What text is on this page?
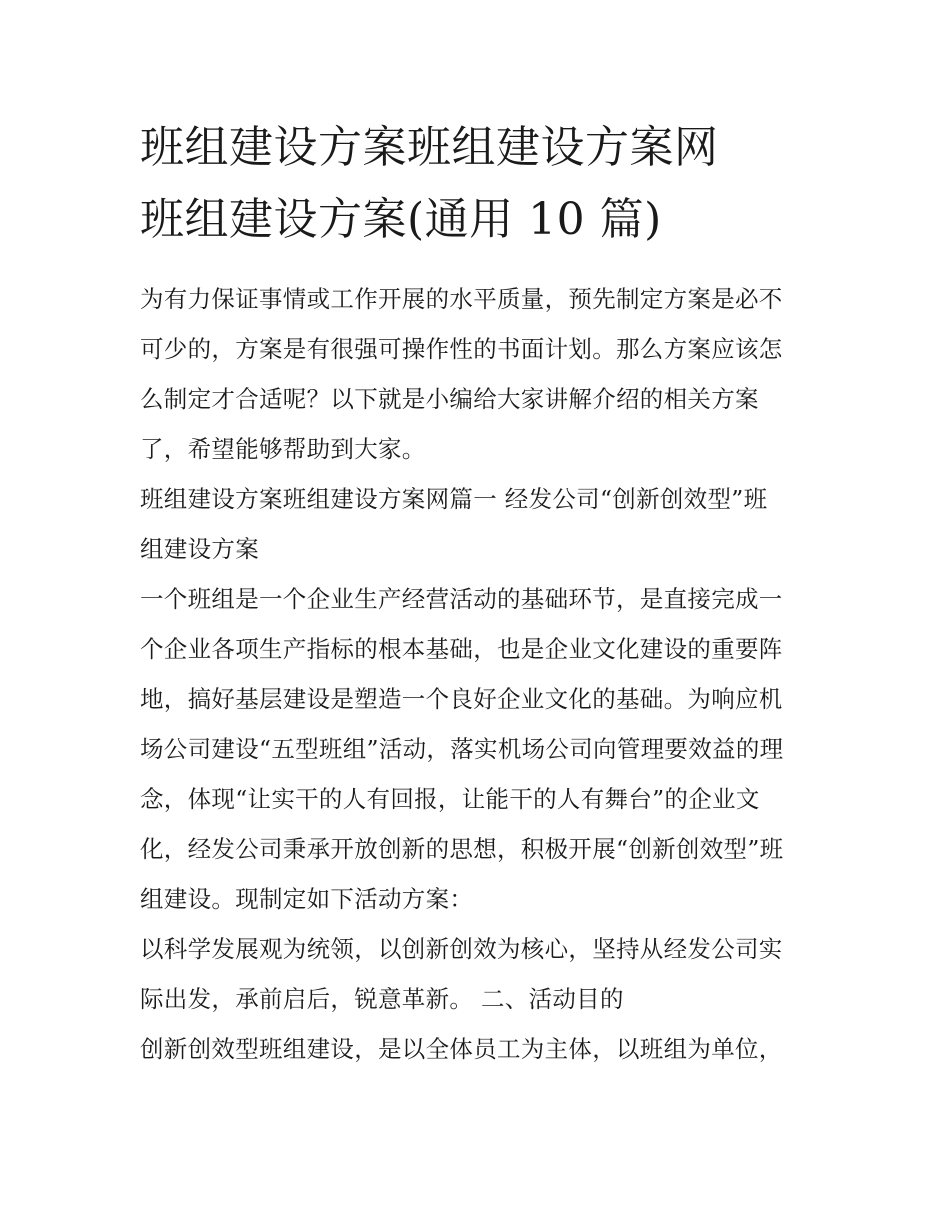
班组建设方案班组建设方案网
班组建设方案(通用 10 篇)
为有力保证事情或工作开展的水平质量，预先制定方案是必不
可少的，方案是有很强可操作性的书面计划。那么方案应该怎
么制定才合适呢？以下就是小编给大家讲解介绍的相关方案
了，希望能够帮助到大家。
班组建设方案班组建设方案网篇一 经发公司“创新创效型”班
组建设方案
一个班组是一个企业生产经营活动的基础环节，是直接完成一
个企业各项生产指标的根本基础，也是企业文化建设的重要阵
地，搞好基层建设是塑造一个良好企业文化的基础。为响应机
场公司建设“五型班组”活动，落实机场公司向管理要效益的理
念，体现“让实干的人有回报，让能干的人有舞台”的企业文
化，经发公司秉承开放创新的思想，积极开展“创新创效型”班
组建设。现制定如下活动方案：
以科学发展观为统领，以创新创效为核心，坚持从经发公司实
际出发，承前启后，锐意革新。 二、活动目的
创新创效型班组建设，是以全体员工为主体，以班组为单位，
